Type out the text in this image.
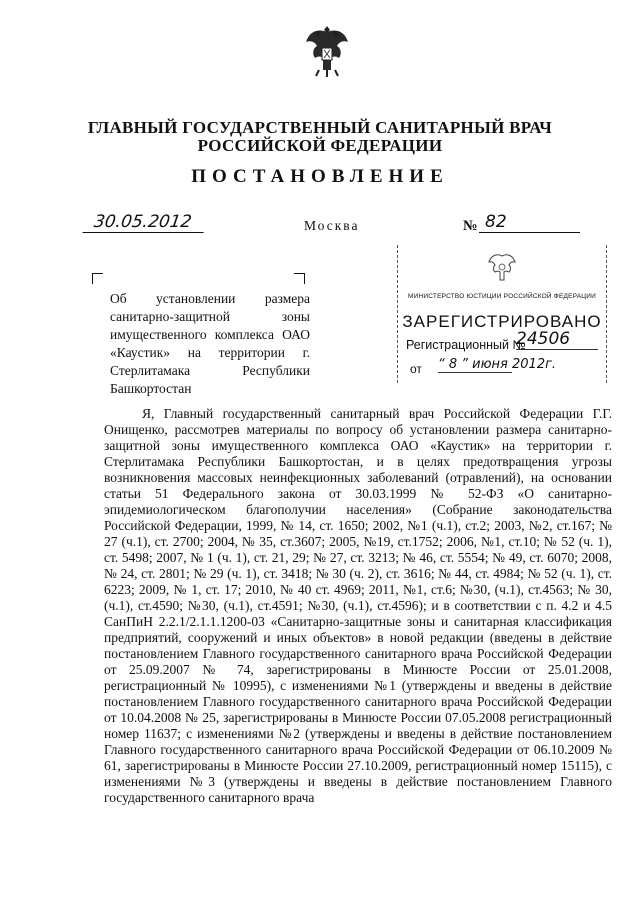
ГЛАВНЫЙ ГОСУДАРСТВЕННЫЙ САНИТАРНЫЙ ВРАЧ
РОССИЙСКОЙ ФЕДЕРАЦИИ
ПОСТАНОВЛЕНИЕ
30.05.2012	Москва	№ 82
Об установлении размера санитарно-защитной зоны имущественного комплекса ОАО «Каустик» на территории г. Стерлитамака Республики Башкортостан
МИНИСТЕРСТВО ЮСТИЦИИ РОССИЙСКОЙ ФЕДЕРАЦИИ
ЗАРЕГИСТРИРОВАНО
Регистрационный №
24506
от “ 8 ” июня 2012г.

Я, Главный государственный санитарный врач Российской Федерации Г.Г. Онищенко, рассмотрев материалы по вопросу об установлении размера санитарно-защитной зоны имущественного комплекса ОАО «Каустик» на территории г. Стерлитамака Республики Башкортостан, и в целях предотвращения угрозы возникновения массовых неинфекционных заболеваний (отравлений), на основании статьи 51 Федерального закона от 30.03.1999 № 52-ФЗ «О санитарно-эпидемиологическом благополучии населения» (Собрание законодательства Российской Федерации, 1999, № 14, ст. 1650; 2002, №1 (ч.1), ст.2; 2003, №2, ст.167; № 27 (ч.1), ст. 2700; 2004, № 35, ст.3607; 2005, №19, ст.1752; 2006, №1, ст.10; № 52 (ч. 1), ст. 5498; 2007, № 1 (ч. 1), ст. 21, 29; № 27, ст. 3213; № 46, ст. 5554; № 49, ст. 6070; 2008, № 24, ст. 2801; № 29 (ч. 1), ст. 3418; № 30 (ч. 2), ст. 3616; № 44, ст. 4984; № 52 (ч. 1), ст. 6223; 2009, № 1, ст. 17; 2010, № 40 ст. 4969; 2011, №1, ст.6; №30, (ч.1), ст.4563; № 30, (ч.1), ст.4590; №30, (ч.1), ст.4591; №30, (ч.1), ст.4596); и в соответствии с п. 4.2 и 4.5 СанПиН 2.2.1/2.1.1.1200-03 «Санитарно-защитные зоны и санитарная классификация предприятий, сооружений и иных объектов» в новой редакции (введены в действие постановлением Главного государственного санитарного врача Российской Федерации от 25.09.2007 № 74, зарегистрированы в Минюсте России от 25.01.2008, регистрационный № 10995), с изменениями №1 (утверждены и введены в действие постановлением Главного государственного санитарного врача Российской Федерации от 10.04.2008 № 25, зарегистрированы в Минюсте России 07.05.2008 регистрационный номер 11637; с изменениями №2 (утверждены и введены в действие постановлением Главного государственного санитарного врача Российской Федерации от 06.10.2009 № 61, зарегистрированы в Минюсте России 27.10.2009, регистрационный номер 15115), с изменениями №3 (утверждены и введены в действие постановлением Главного государственного санитарного врача
